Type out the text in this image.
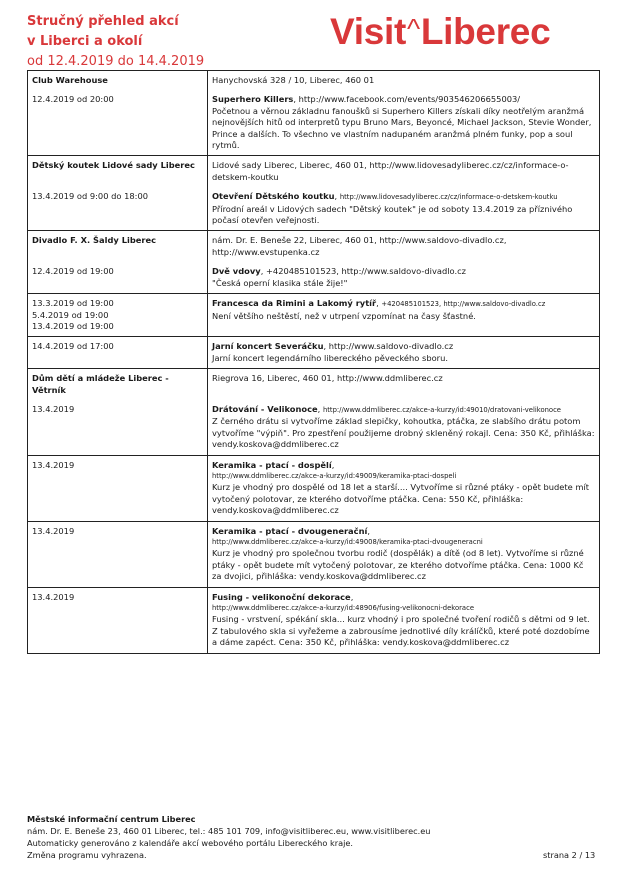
Stručný přehled akcí
v Liberci a okolí
od 12.4.2019 do 14.4.2019
Visit^Liberec
Club Warehouse	Hanychovská 328 / 10, Liberec, 460 01
12.4.2019 od 20:00	Superhero Killers, http://www.facebook.com/events/903546206655003/
Početnou a věrnou základnu fanoušků si Superhero Killers získali díky neotřelým aranžmá nejnovějších hitů od interpretů typu Bruno Mars, Beyoncé, Michael Jackson, Stevie Wonder, Prince a dalších. To všechno ve vlastním nadupaném aranžmá plném funky, pop a soul rytmů.

Dětský koutek Lidové sady Liberec	Lidové sady Liberec, Liberec, 460 01, http://www.lidovesadyliberec.cz/cz/informace-o-detskem-koutku
13.4.2019 od 9:00 do 18:00	Otevření Dětského koutku, http://www.lidovesadyliberec.cz/cz/informace-o-detskem-koutku
Přírodní areál v Lidových sadech "Dětský koutek" je od soboty 13.4.2019 za příznivého počasí otevřen veřejnosti.

Divadlo F. X. Šaldy Liberec	nám. Dr. E. Beneše 22, Liberec, 460 01, http://www.saldovo-divadlo.cz, http://www.evstupenka.cz
12.4.2019 od 19:00	Dvě vdovy, +420485101523, http://www.saldovo-divadlo.cz
"Česká operní klasika stále žije!"

13.3.2019 od 19:00
5.4.2019 od 19:00
13.4.2019 od 19:00	Francesca da Rimini a Lakomý rytíř, +420485101523, http://www.saldovo-divadlo.cz
Není většího neštěstí, než v utrpení vzpomínat na časy šťastné.

14.4.2019 od 17:00	Jarní koncert Severáčku, http://www.saldovo-divadlo.cz
Jarní koncert legendárního libereckého pěveckého sboru.

Dům dětí a mládeže Liberec - Větrník	Riegrova 16, Liberec, 460 01, http://www.ddmliberec.cz
13.4.2019	Drátování - Velikonoce, http://www.ddmliberec.cz/akce-a-kurzy/id:49010/dratovani-velikonoce
Z černého drátu si vytvoříme základ slepičky, kohoutka, ptáčka, ze slabšího drátu potom vytvoříme "výpiň". Pro zpestření použijeme drobný skleněný rokajl. Cena: 350 Kč, přihláška: vendy.koskova@ddmliberec.cz

13.4.2019	Keramika - ptací - dospělí,
http://www.ddmliberec.cz/akce-a-kurzy/id:49009/keramika-ptaci-dospeli
Kurz je vhodný pro dospělé od 18 let a starší.... Vytvoříme si různé ptáky - opět budete mít vytočený polotovar, ze kterého dotvoříme ptáčka. Cena: 550 Kč, přihláška: vendy.koskova@ddmliberec.cz

13.4.2019	Keramika - ptací - dvougenerační,
http://www.ddmliberec.cz/akce-a-kurzy/id:49008/keramika-ptaci-dvougeneracni
Kurz je vhodný pro společnou tvorbu rodič (dospělák) a dítě (od 8 let). Vytvoříme si různé ptáky - opět budete mít vytočený polotovar, ze kterého dotvoříme ptáčka. Cena: 1000 Kč za dvojici, přihláška: vendy.koskova@ddmliberec.cz

13.4.2019	Fusing - velikonoční dekorace,
http://www.ddmliberec.cz/akce-a-kurzy/id:48906/fusing-velikonocni-dekorace
Fusing - vrstvení, spékání skla... kurz vhodný i pro společné tvoření rodičů s dětmi od 9 let. Z tabulového skla si vyřežeme a zabrousíme jednotlivé díly králíčků, které poté dozdobíme a dáme zapéct. Cena: 350 Kč, přihláška: vendy.koskova@ddmliberec.cz
Městské informační centrum Liberec
nám. Dr. E. Beneše 23, 460 01 Liberec, tel.: 485 101 709, info@visitliberec.eu, www.visitliberec.eu
Automaticky generováno z kalendáře akcí webového portálu Libereckého kraje.
Změna programu vyhrazena.	strana 2 / 13
